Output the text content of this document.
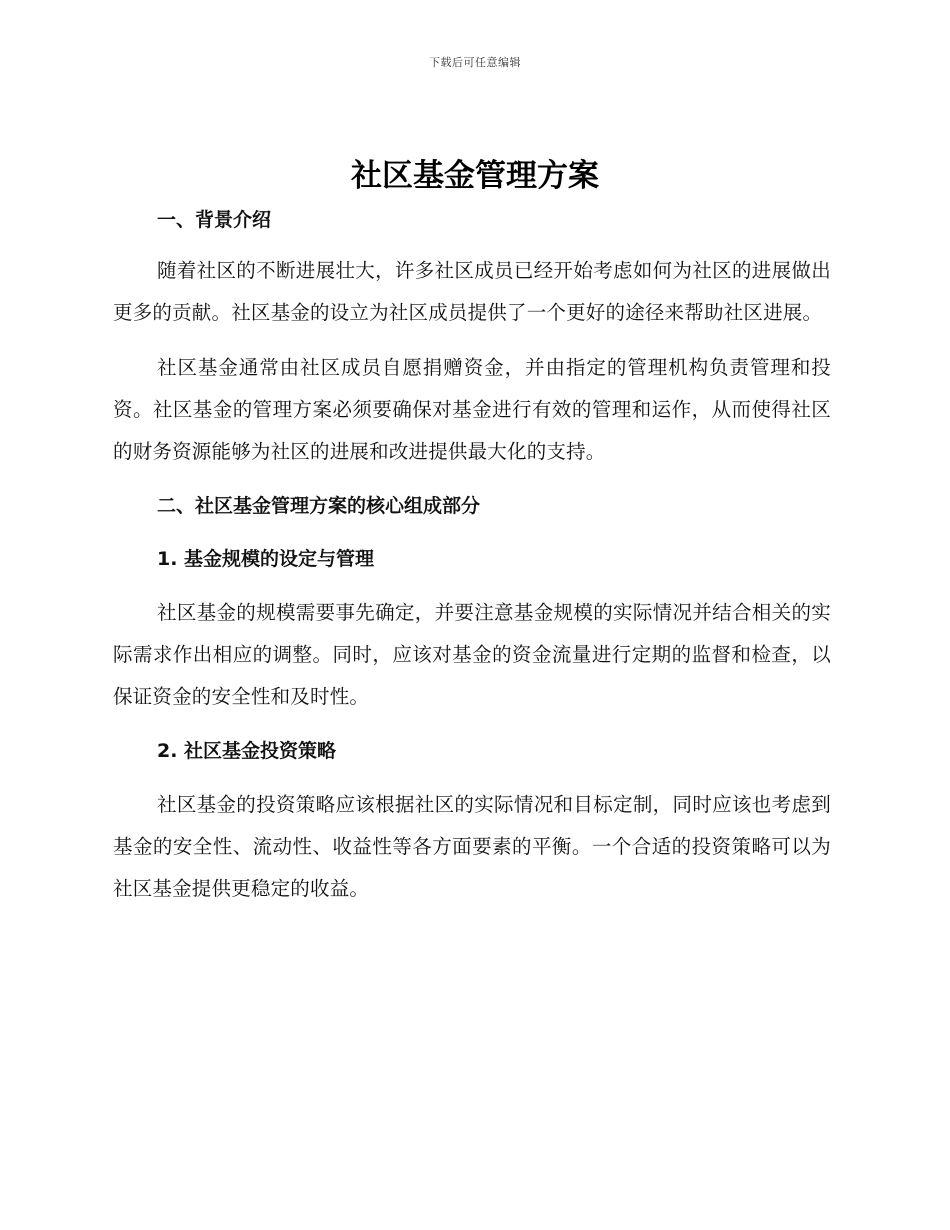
下载后可任意编辑
社区基金管理方案
一、背景介绍

随着社区的不断进展壮大，许多社区成员已经开始考虑如何为社区的进展做出更多的贡献。社区基金的设立为社区成员提供了一个更好的途径来帮助社区进展。

社区基金通常由社区成员自愿捐赠资金，并由指定的管理机构负责管理和投资。社区基金的管理方案必须要确保对基金进行有效的管理和运作，从而使得社区的财务资源能够为社区的进展和改进提供最大化的支持。

二、社区基金管理方案的核心组成部分
1. 基金规模的设定与管理

社区基金的规模需要事先确定，并要注意基金规模的实际情况并结合相关的实际需求作出相应的调整。同时，应该对基金的资金流量进行定期的监督和检查，以保证资金的安全性和及时性。

2. 社区基金投资策略

社区基金的投资策略应该根据社区的实际情况和目标定制，同时应该也考虑到基金的安全性、流动性、收益性等各方面要素的平衡。一个合适的投资策略可以为社区基金提供更稳定的收益。
